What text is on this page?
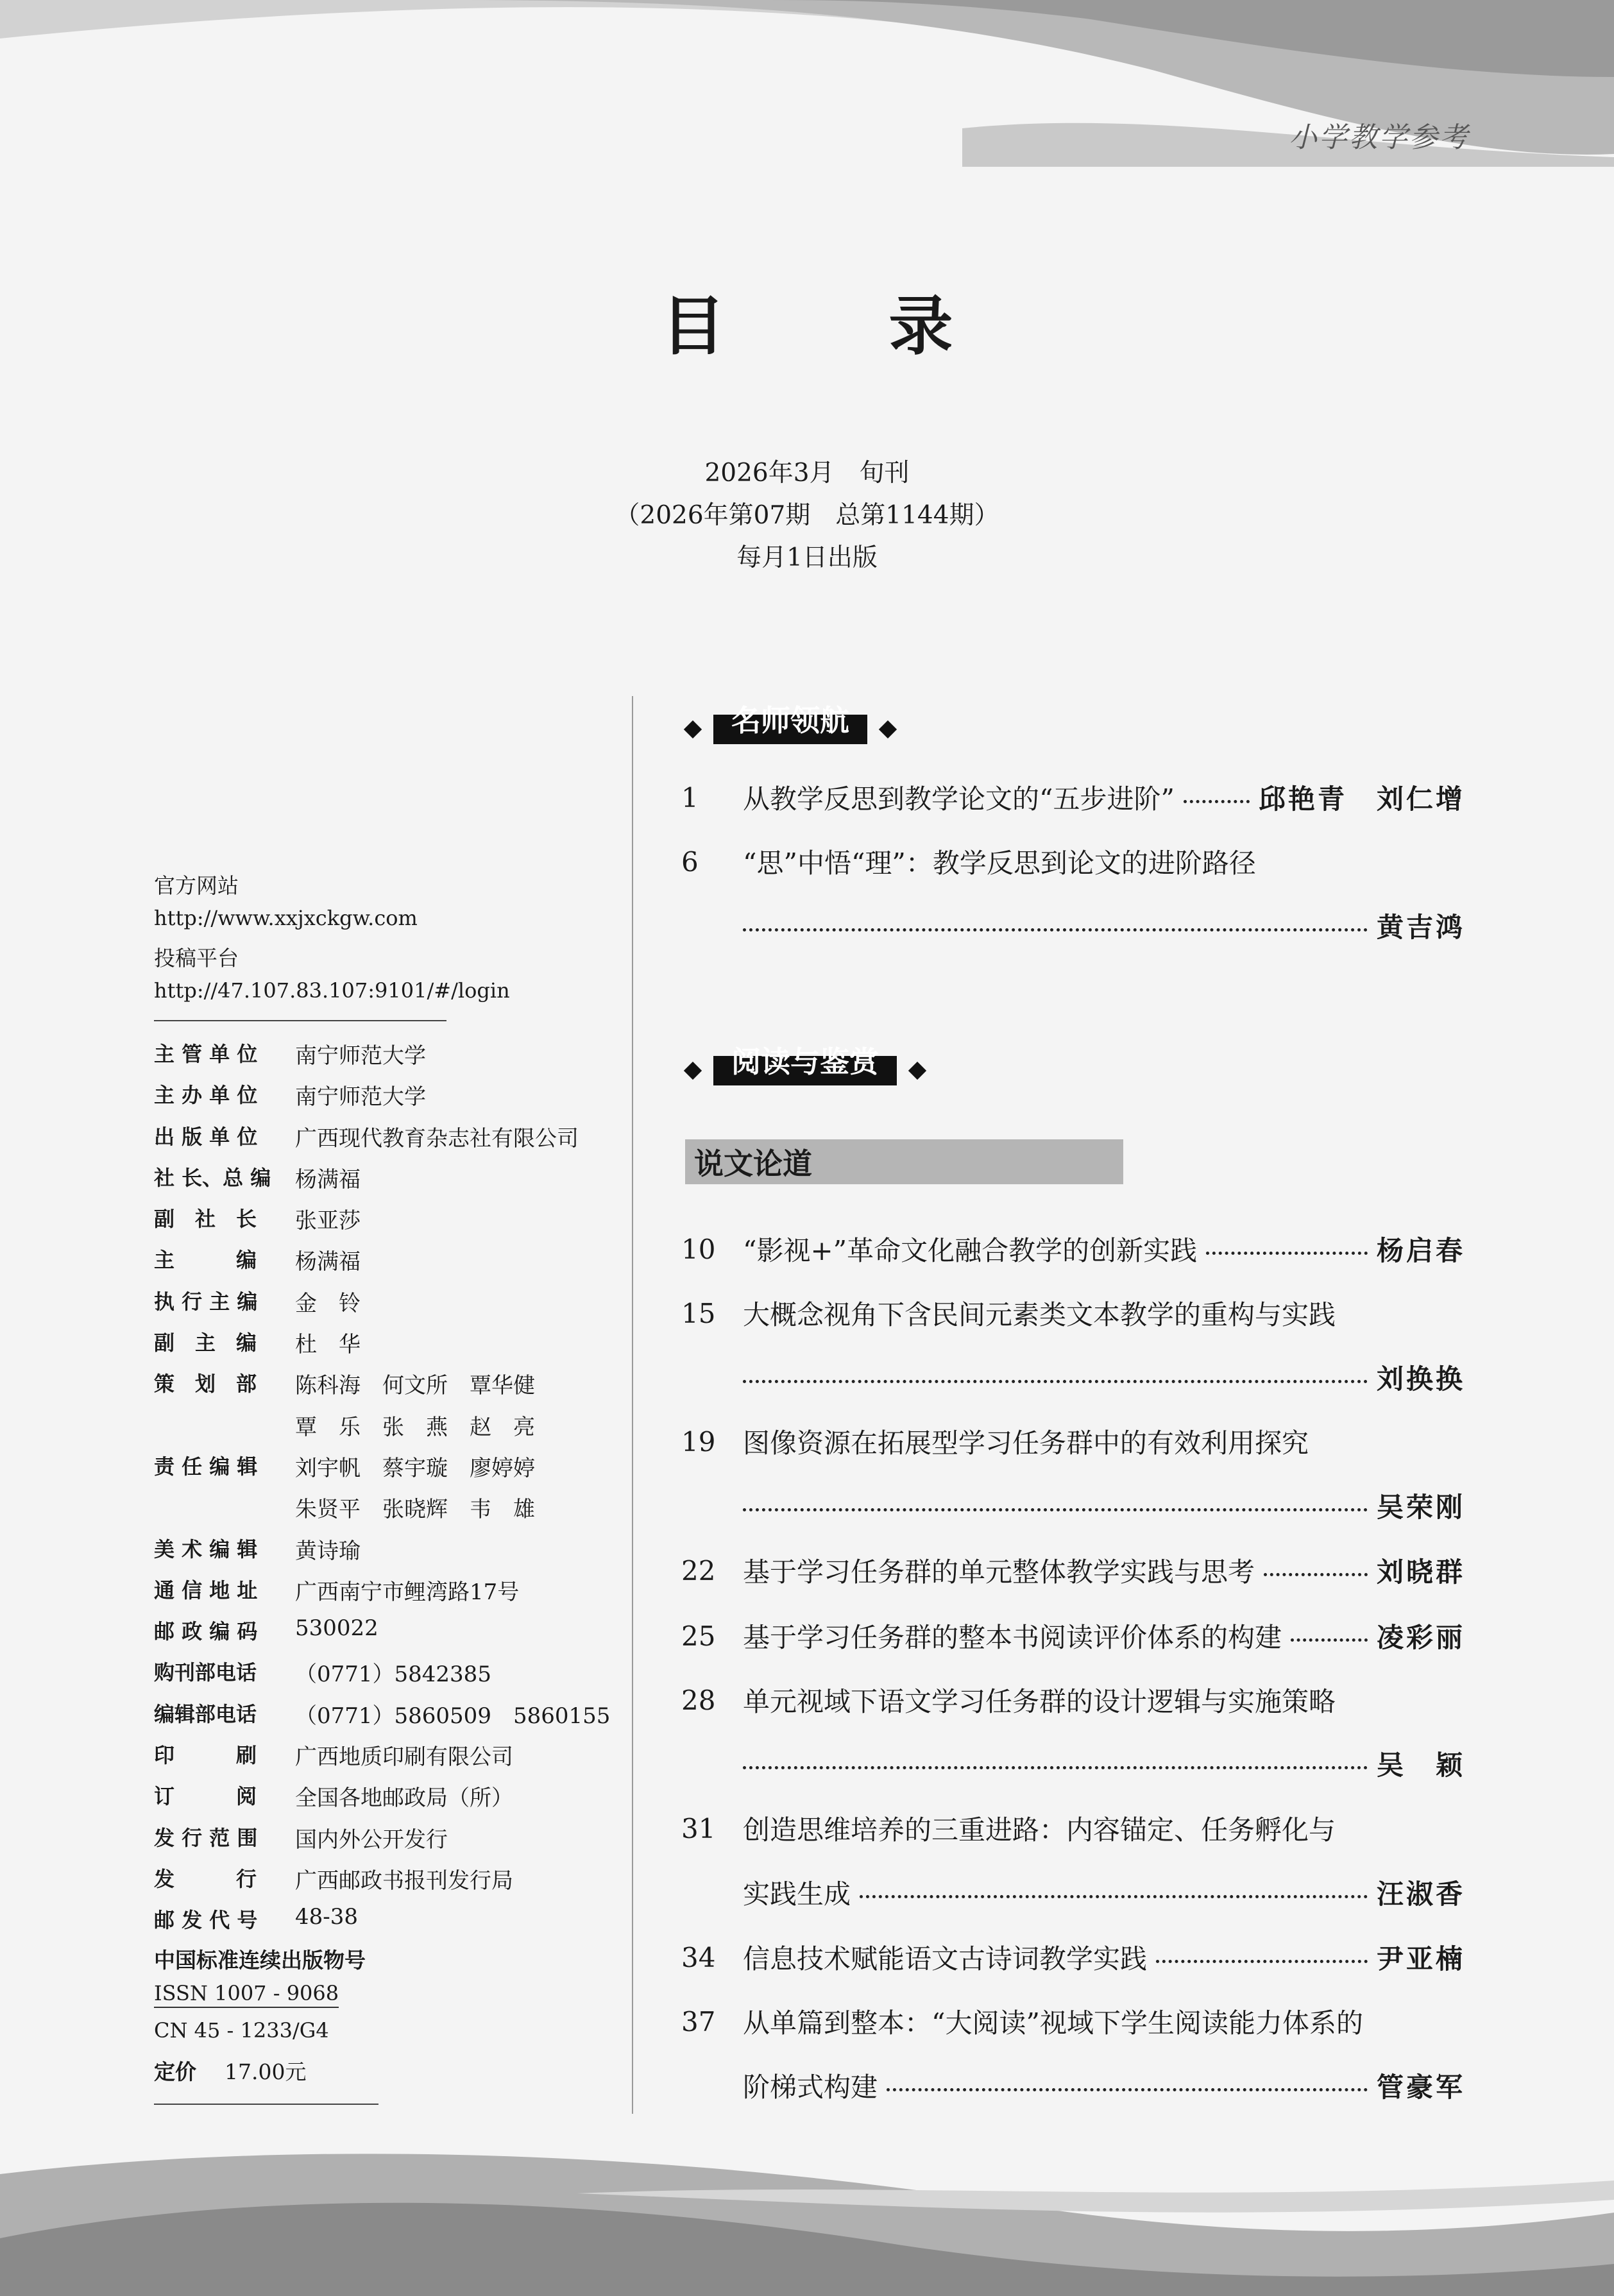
小学教学参考
目 录
2026年3月　旬刊
（2026年第07期　总第1144期）
每月1日出版
官方网站
http://www.xxjxckgw.com
投稿平台
http://47.107.83.107:9101/#/login
主 管 单 位	南宁师范大学
主 办 单 位	南宁师范大学
出 版 单 位	广西现代教育杂志社有限公司
社 长、总 编	杨满福
副　社　长	张亚莎
主　　　编	杨满福
执 行 主 编	金　铃
副　主　编	杜　华
策　划　部	陈科海　何文所　覃华健
覃　乐　张　燕　赵　亮
责 任 编 辑	刘宇帆　蔡宇璇　廖婷婷
朱贤平　张晓辉　韦　雄
美 术 编 辑	黄诗瑜
通 信 地 址	广西南宁市鲤湾路17号
邮 政 编 码	530022
购刊部电话	（0771）5842385
编辑部电话	（0771）5860509　5860155
印　　　刷	广西地质印刷有限公司
订　　　阅	全国各地邮政局（所）
发 行 范 围	国内外公开发行
发　　　行	广西邮政书报刊发行局
邮 发 代 号	48-38
中国标准连续出版物号
ISSN 1007 - 9068
CN 45 - 1233/G4
定价 17.00元
名师领航
1	从教学反思到教学论文的“五步进阶”	邱艳青　刘仁增
6	“思”中悟“理”：教学反思到论文的进阶路径
黄吉鸿
阅读与鉴赏
说文论道
10	“影视+”革命文化融合教学的创新实践	杨启春
15	大概念视角下含民间元素类文本教学的重构与实践
刘换换
19	图像资源在拓展型学习任务群中的有效利用探究
吴荣刚
22	基于学习任务群的单元整体教学实践与思考	刘晓群
25	基于学习任务群的整本书阅读评价体系的构建	凌彩丽
28	单元视域下语文学习任务群的设计逻辑与实施策略
吴　颖
31	创造思维培养的三重进路：内容锚定、任务孵化与
实践生成	汪淑香
34	信息技术赋能语文古诗词教学实践	尹亚楠
37	从单篇到整本：“大阅读”视域下学生阅读能力体系的
阶梯式构建	管豪军
